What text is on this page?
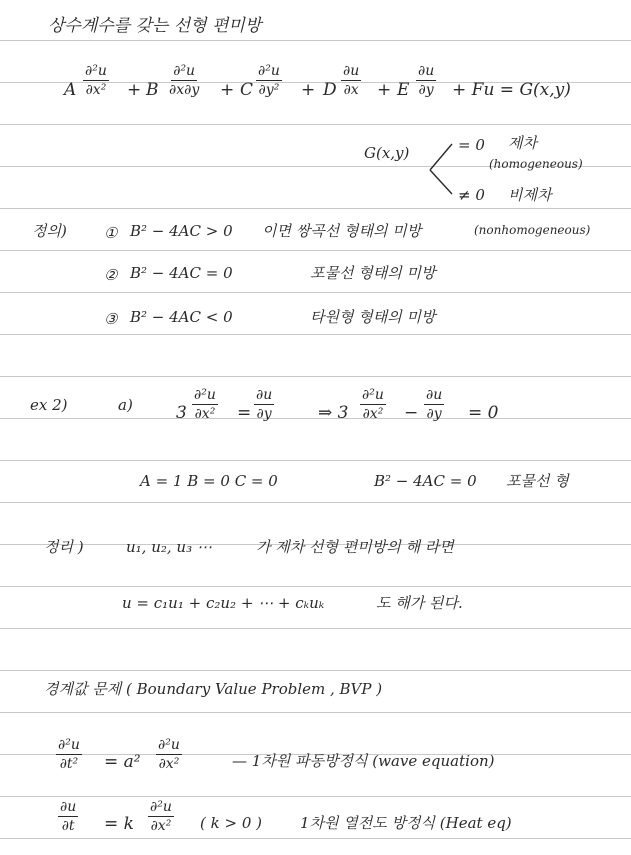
상수계수를 갖는 선형 편미방
A $\frac{\text{∂²u}}{\text{∂x²}} + B \frac{\text{∂²u}}{\partial x\partial y} + C \frac{\text{∂²u}}{\text{∂y²}} + D \frac{\partial u}{\partial x} + E \frac{\partial u}{\partial y} + Fu = G(x,y)$
G(x,y)	= 0 제차
(homogeneous)
≠ 0 비제차
정의) ① B² − 4AC > 0 이면 쌍곡선 형태의 미방	(nonhomogeneous)
② B² − 4AC = 0	포물선 형태의 미방
③ B² − 4AC < 0	타원형 형태의 미방
ex 2)	a)	$3 \frac{\text{∂²u}}{\text{∂x²}} = \frac{\partial u}{\partial y}$	⇒ $3 \frac{\text{∂²u}}{\text{∂x²}} - \frac{\partial u}{\partial y} = 0$
A = 1 B = 0 C = 0	B² − 4AC = 0 포물선 형
정리 )	u₁, u₂, u₃ ⋯	가 제차 선형 편미방의 해 라면
u = c₁u₁ + c₂u₂ + ⋯ + cₖuₖ	도 해가 된다.
경계값 문제 ( Boundary Value Problem , BVP )
$\frac{\text{∂²u}}{\text{∂t²}} = a^2 \frac{\text{∂²u}}{\text{∂x²}}$	— 1차원 파동방정식 (wave equation)
$\frac{\partial u}{\partial t} = k \frac{\text{∂²u}}{\text{∂x²}}$ ( k > 0 )	1차원 열전도 방정식 (Heat eq)
